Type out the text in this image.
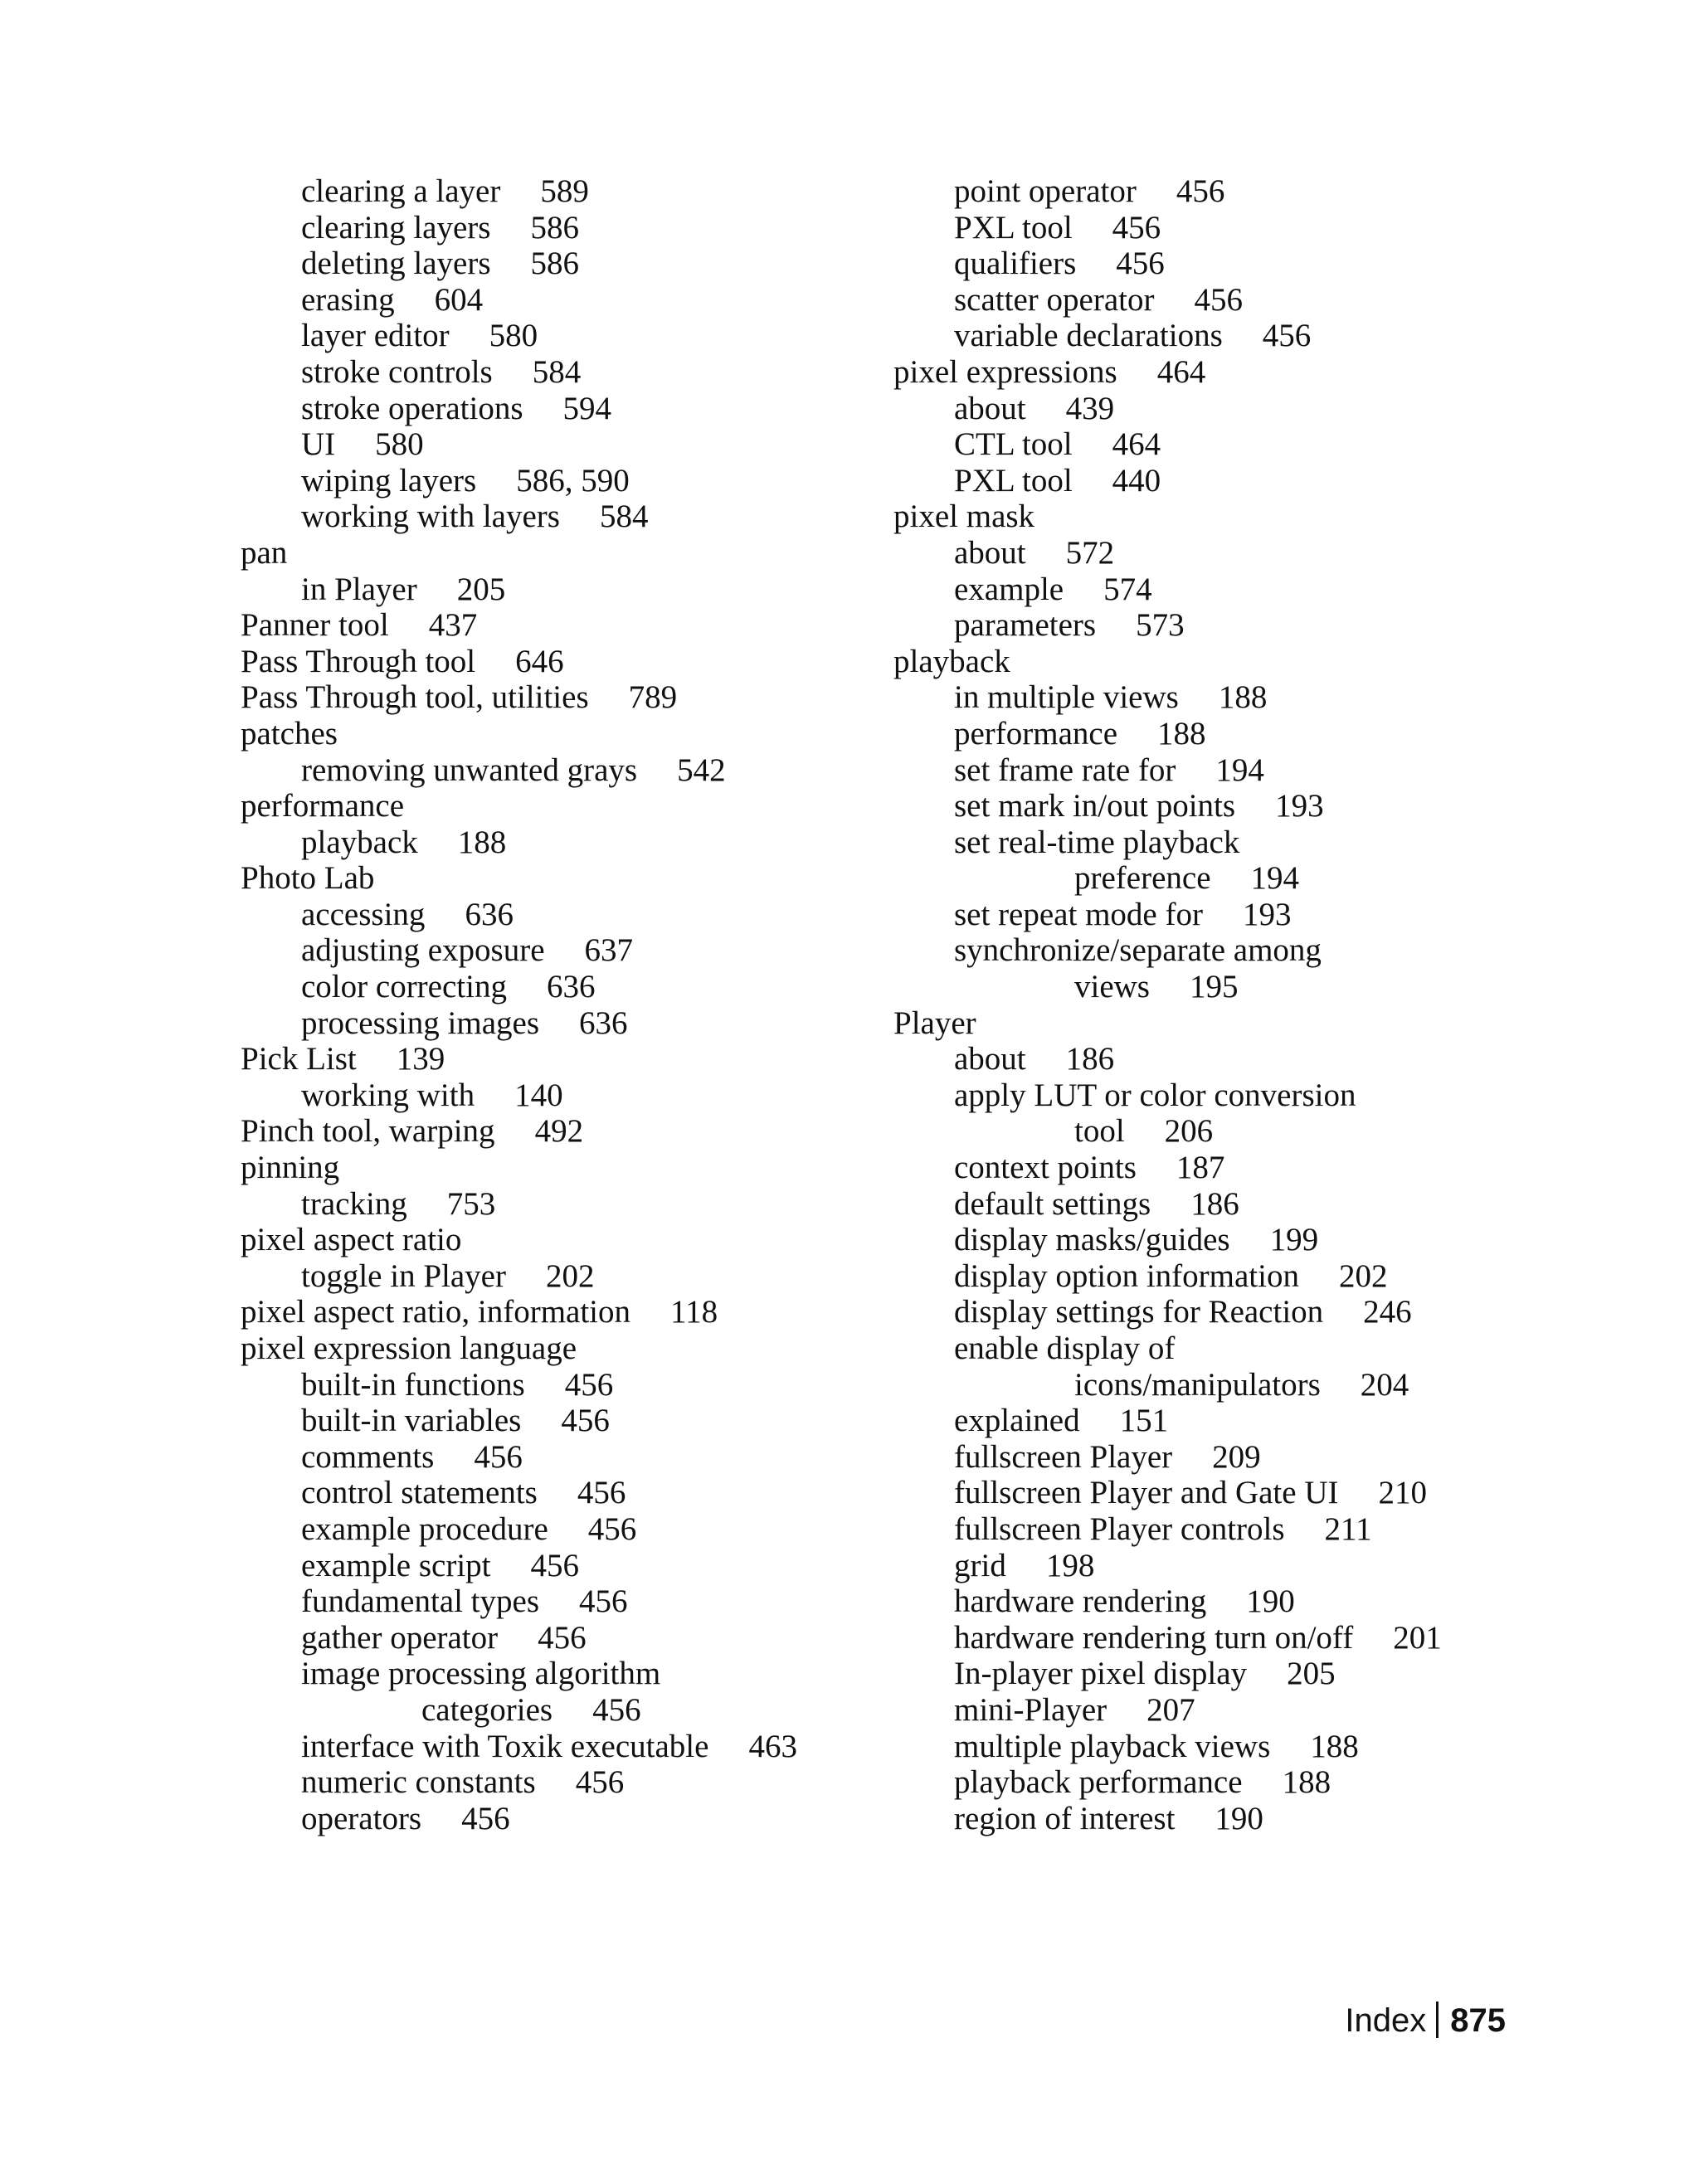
clearing a layer 589
clearing layers 586
deleting layers 586
erasing 604
layer editor 580
stroke controls 584
stroke operations 594
UI 580
wiping layers 586, 590
working with layers 584
pan
in Player 205
Panner tool 437
Pass Through tool 646
Pass Through tool, utilities 789
patches
removing unwanted grays 542
performance
playback 188
Photo Lab
accessing 636
adjusting exposure 637
color correcting 636
processing images 636
Pick List 139
working with 140
Pinch tool, warping 492
pinning
tracking 753
pixel aspect ratio
toggle in Player 202
pixel aspect ratio, information 118
pixel expression language
built-in functions 456
built-in variables 456
comments 456
control statements 456
example procedure 456
example script 456
fundamental types 456
gather operator 456
image processing algorithm
categories 456
interface with Toxik executable 463
numeric constants 456
operators 456
point operator 456
PXL tool 456
qualifiers 456
scatter operator 456
variable declarations 456
pixel expressions 464
about 439
CTL tool 464
PXL tool 440
pixel mask
about 572
example 574
parameters 573
playback
in multiple views 188
performance 188
set frame rate for 194
set mark in/out points 193
set real-time playback
preference 194
set repeat mode for 193
synchronize/separate among
views 195
Player
about 186
apply LUT or color conversion
tool 206
context points 187
default settings 186
display masks/guides 199
display option information 202
display settings for Reaction 246
enable display of
icons/manipulators 204
explained 151
fullscreen Player 209
fullscreen Player and Gate UI 210
fullscreen Player controls 211
grid 198
hardware rendering 190
hardware rendering turn on/off 201
In-player pixel display 205
mini-Player 207
multiple playback views 188
playback performance 188
region of interest 190
Index 875
